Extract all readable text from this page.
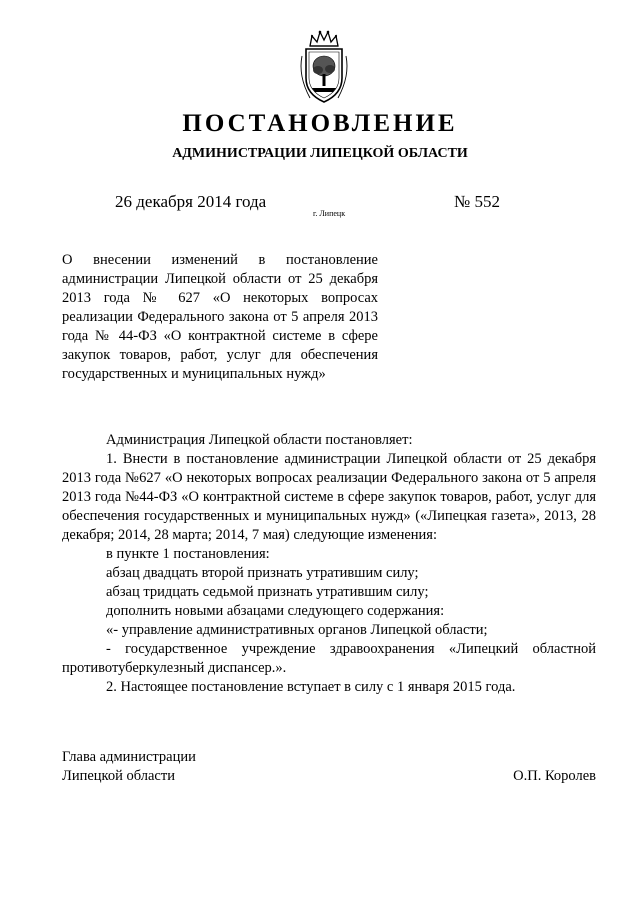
ПОСТАНОВЛЕНИЕ
АДМИНИСТРАЦИИ ЛИПЕЦКОЙ ОБЛАСТИ
26 декабря 2014 года
г. Липецк
№ 552
О внесении изменений в постановление администрации Липецкой области от 25 декабря 2013 года № 627 «О некоторых вопросах реализации Федерального закона от 5 апреля 2013 года № 44-ФЗ «О контрактной системе в сфере закупок товаров, работ, услуг для обеспечения государственных и муниципальных нужд»

Администрация Липецкой области постановляет:

1. Внести в постановление администрации Липецкой области от 25 декабря 2013 года №627 «О некоторых вопросах реализации Федерального закона от 5 апреля 2013 года №44-ФЗ «О контрактной системе в сфере закупок товаров, работ, услуг для обеспечения государственных и муниципальных нужд» («Липецкая газета», 2013, 28 декабря; 2014, 28 марта; 2014, 7 мая) следующие изменения:

в пункте 1 постановления:

абзац двадцать второй признать утратившим силу;

абзац тридцать седьмой признать утратившим силу;

дополнить новыми абзацами следующего содержания:

«- управление административных органов Липецкой области;

- государственное учреждение здравоохранения «Липецкий областной противотуберкулезный диспансер.».

2. Настоящее постановление вступает в силу с 1 января 2015 года.

Глава администрации
Липецкой области	О.П. Королев
